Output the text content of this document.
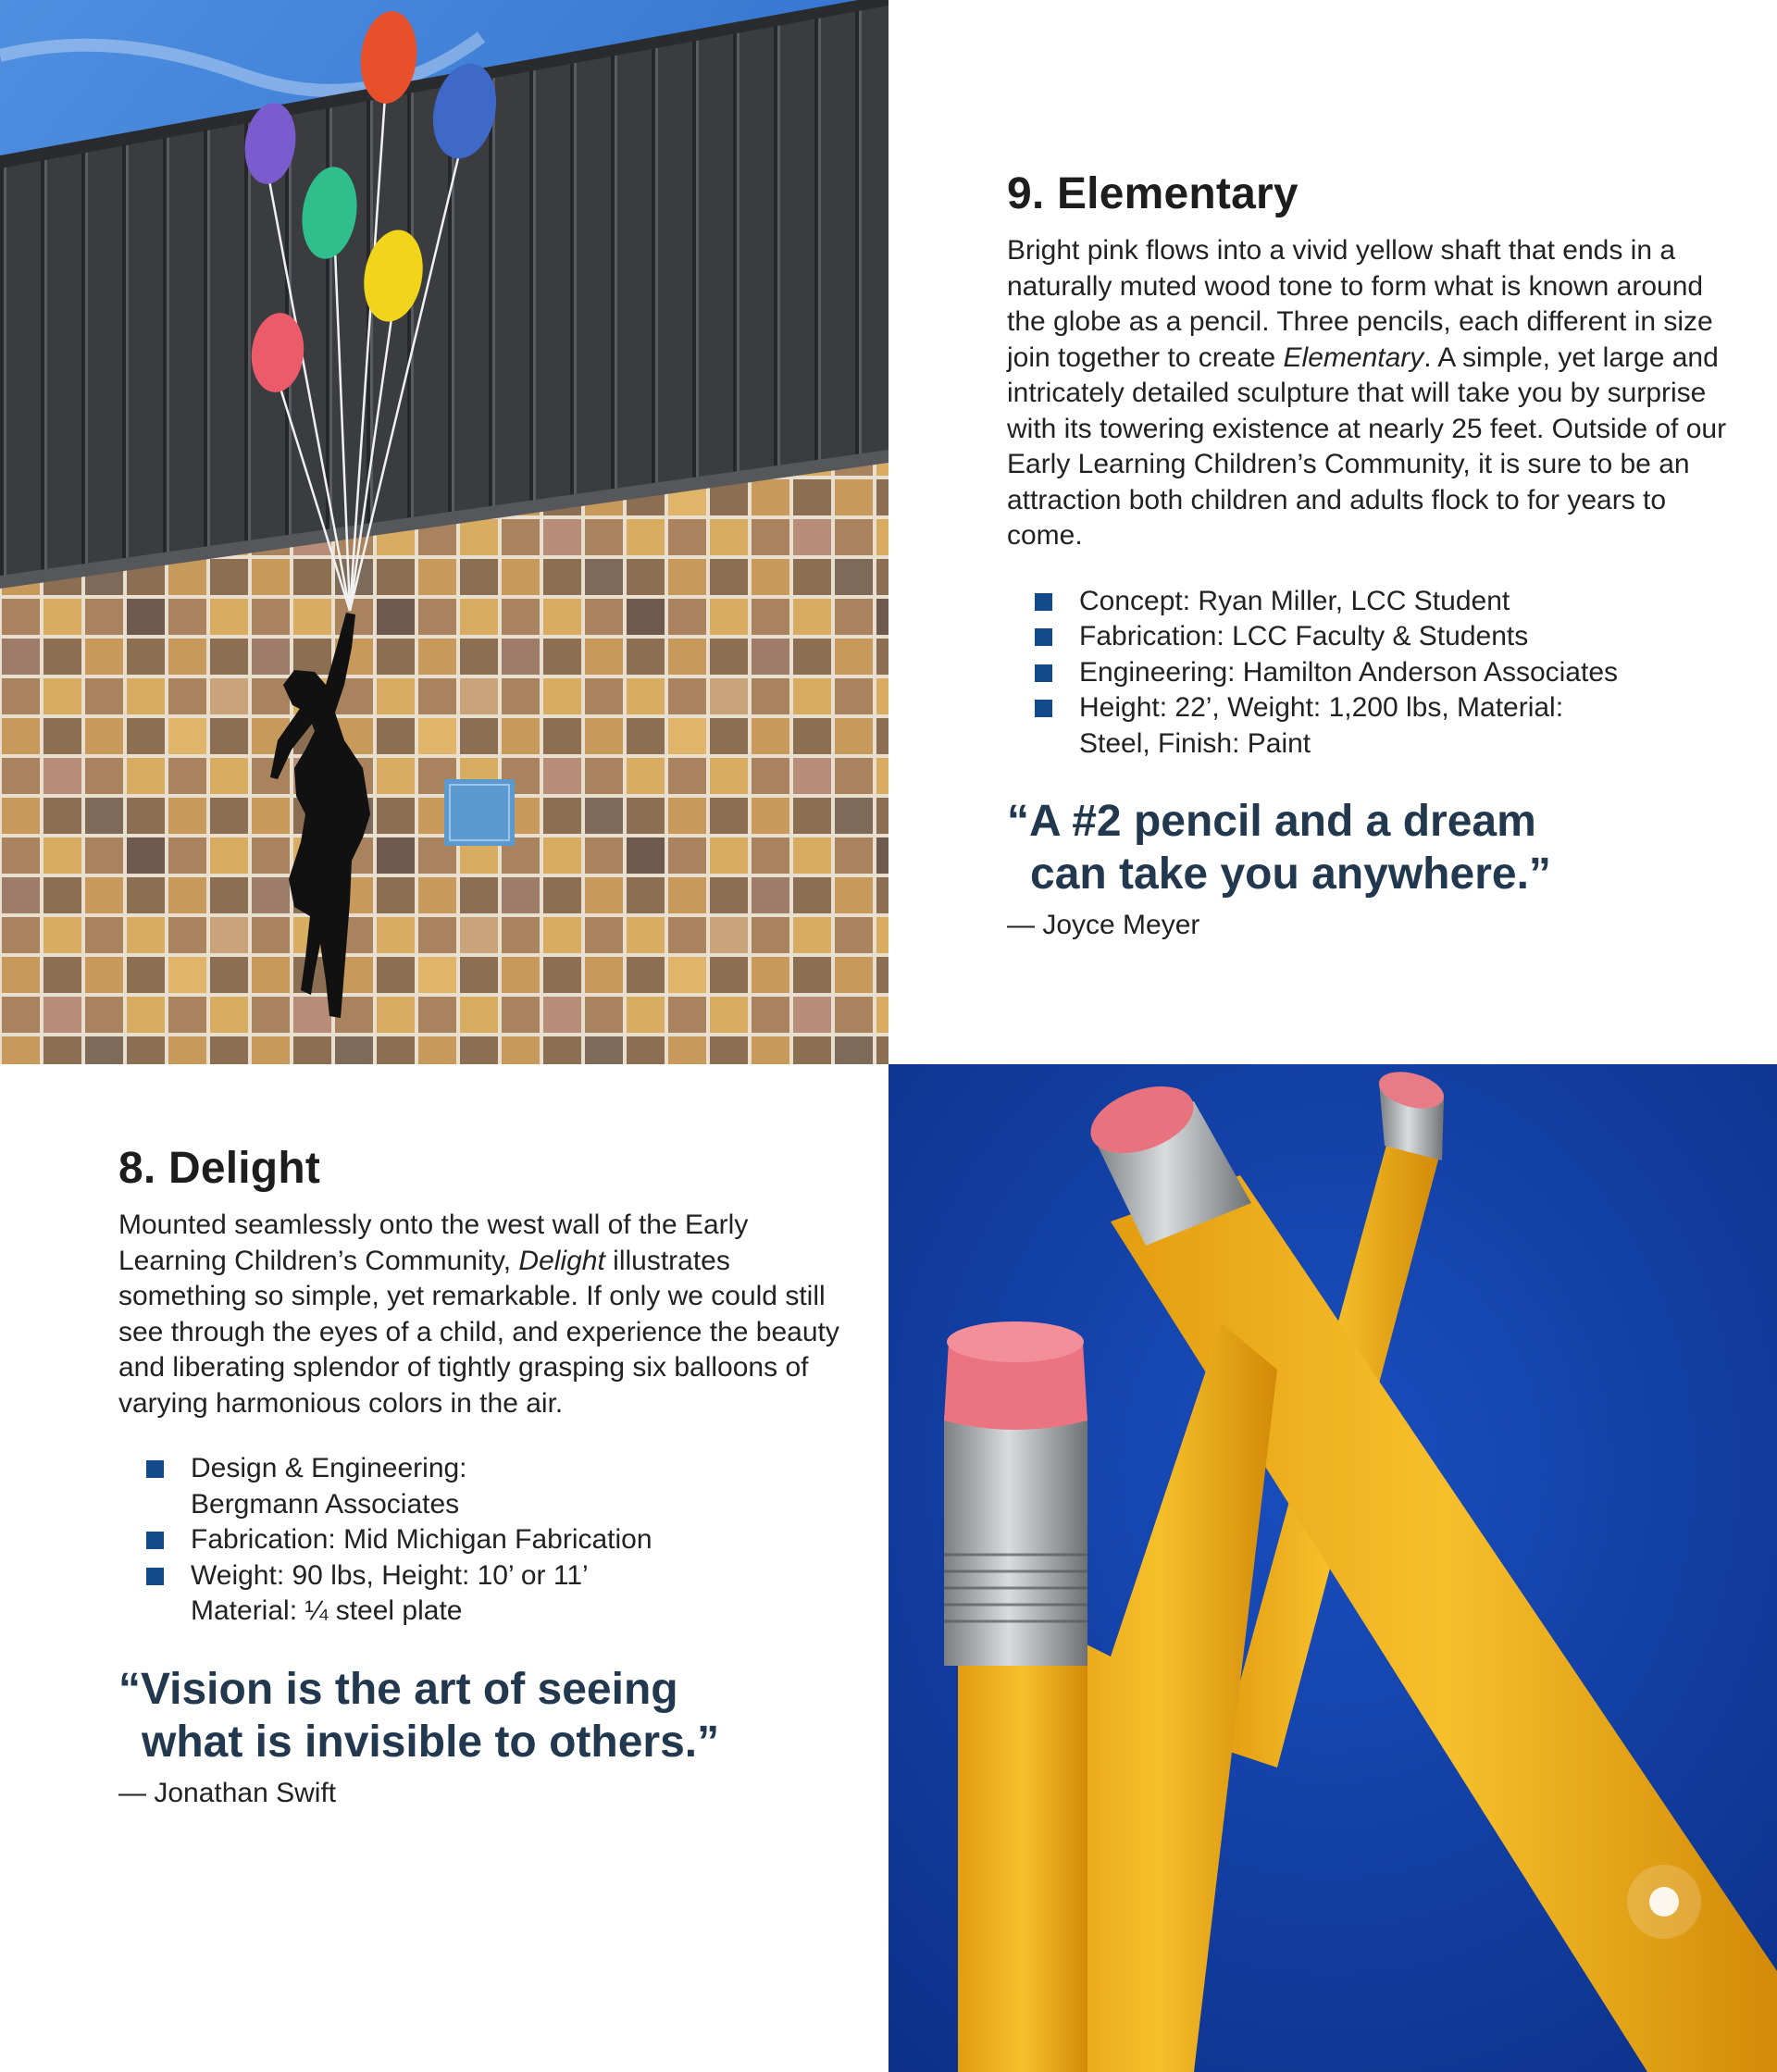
9. Elementary

Bright pink flows into a vivid yellow shaft that ends in a naturally muted wood tone to form what is known around the globe as a pencil. Three pencils, each different in size join together to create Elementary. A simple, yet large and intricately detailed sculpture that will take you by surprise with its towering existence at nearly 25 feet. Outside of our Early Learning Children’s Community, it is sure to be an attraction both children and adults flock to for years to come.

Concept: Ryan Miller, LCC Student
Fabrication: LCC Faculty & Students
Engineering: Hamilton Anderson Associates
Height: 22’, Weight: 1,200 lbs, Material: Steel, Finish: Paint
“A #2 pencil and a dream
can take you anywhere.”
— Joyce Meyer
8. Delight

Mounted seamlessly onto the west wall of the Early Learning Children’s Community, Delight illustrates something so simple, yet remarkable. If only we could still see through the eyes of a child, and experience the beauty and liberating splendor of tightly grasping six balloons of varying harmonious colors in the air.

Design & Engineering: Bergmann Associates
Fabrication: Mid Michigan Fabrication
Weight: 90 lbs, Height: 10’ or 11’ Material: ¼ steel plate
“Vision is the art of seeing
what is invisible to others.”
— Jonathan Swift
